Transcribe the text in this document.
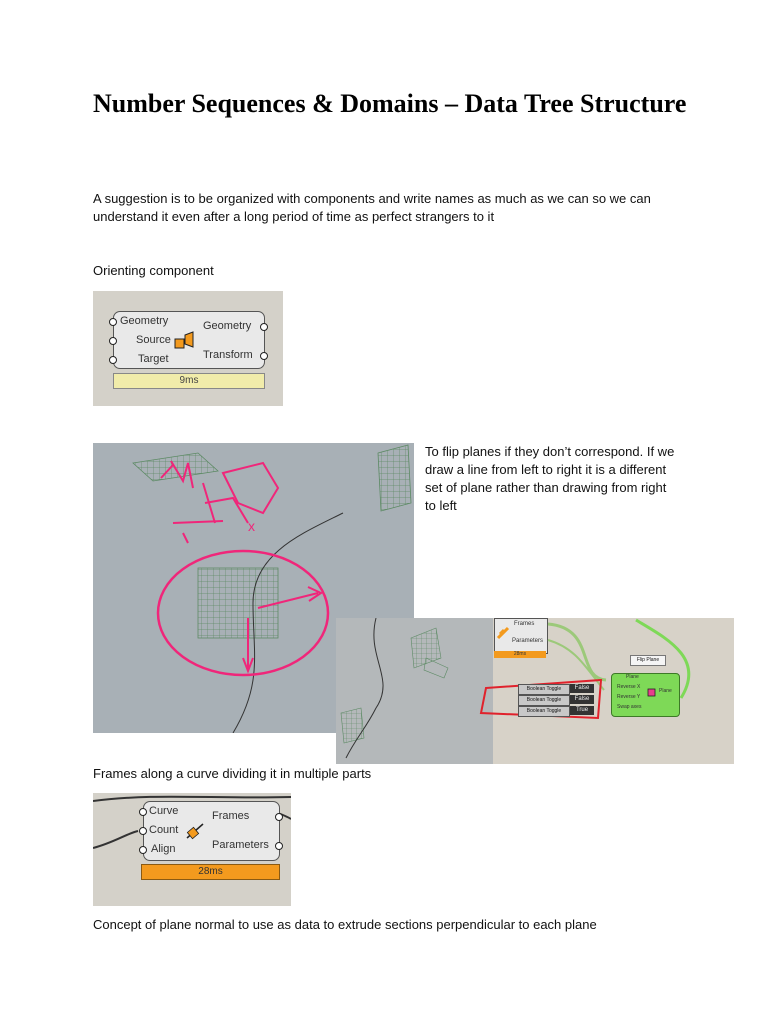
Number Sequences & Domains – Data Tree Structure

A suggestion is to be organized with components and write names as much as we can so we can understand it even after a long period of time as perfect strangers to it

Orienting component

Geometry
Source
Target
Geometry
Transform
9ms
x

To flip planes if they don’t correspond. If we draw a line from left to right it is a different set of plane rather than drawing from right to left

Frames
Parameters
28ms
Boolean Toggle	False
Boolean Toggle	False
Boolean Toggle	True
Flip Plane
Plane
Reverse X
Reverse Y
Swap axes
Plane

Frames along a curve dividing it in multiple parts

Curve
Count
Align
Frames
Parameters
28ms

Concept of plane normal to use as data to extrude sections perpendicular to each plane
